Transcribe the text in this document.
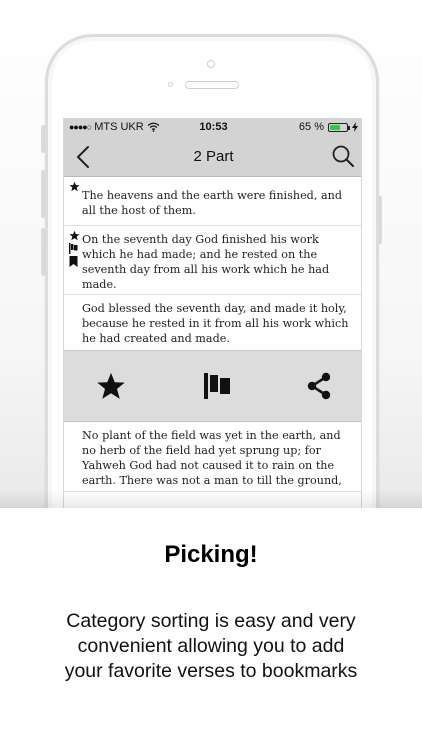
●●●●○ MTS UKR	10:53	65 %
2 Part
The heavens and the earth were finished, and all the host of them.
On the seventh day God finished his work which he had made; and he rested on the seventh day from all his work which he had made.
God blessed the seventh day, and made it holy, because he rested in it from all his work which he had created and made.
No plant of the field was yet in the earth, and no herb of the field had yet sprung up; for Yahweh God had not caused it to rain on the earth. There was not a man to till the ground,
Picking!
Category sorting is easy and very
convenient allowing you to add
your favorite verses to bookmarks
